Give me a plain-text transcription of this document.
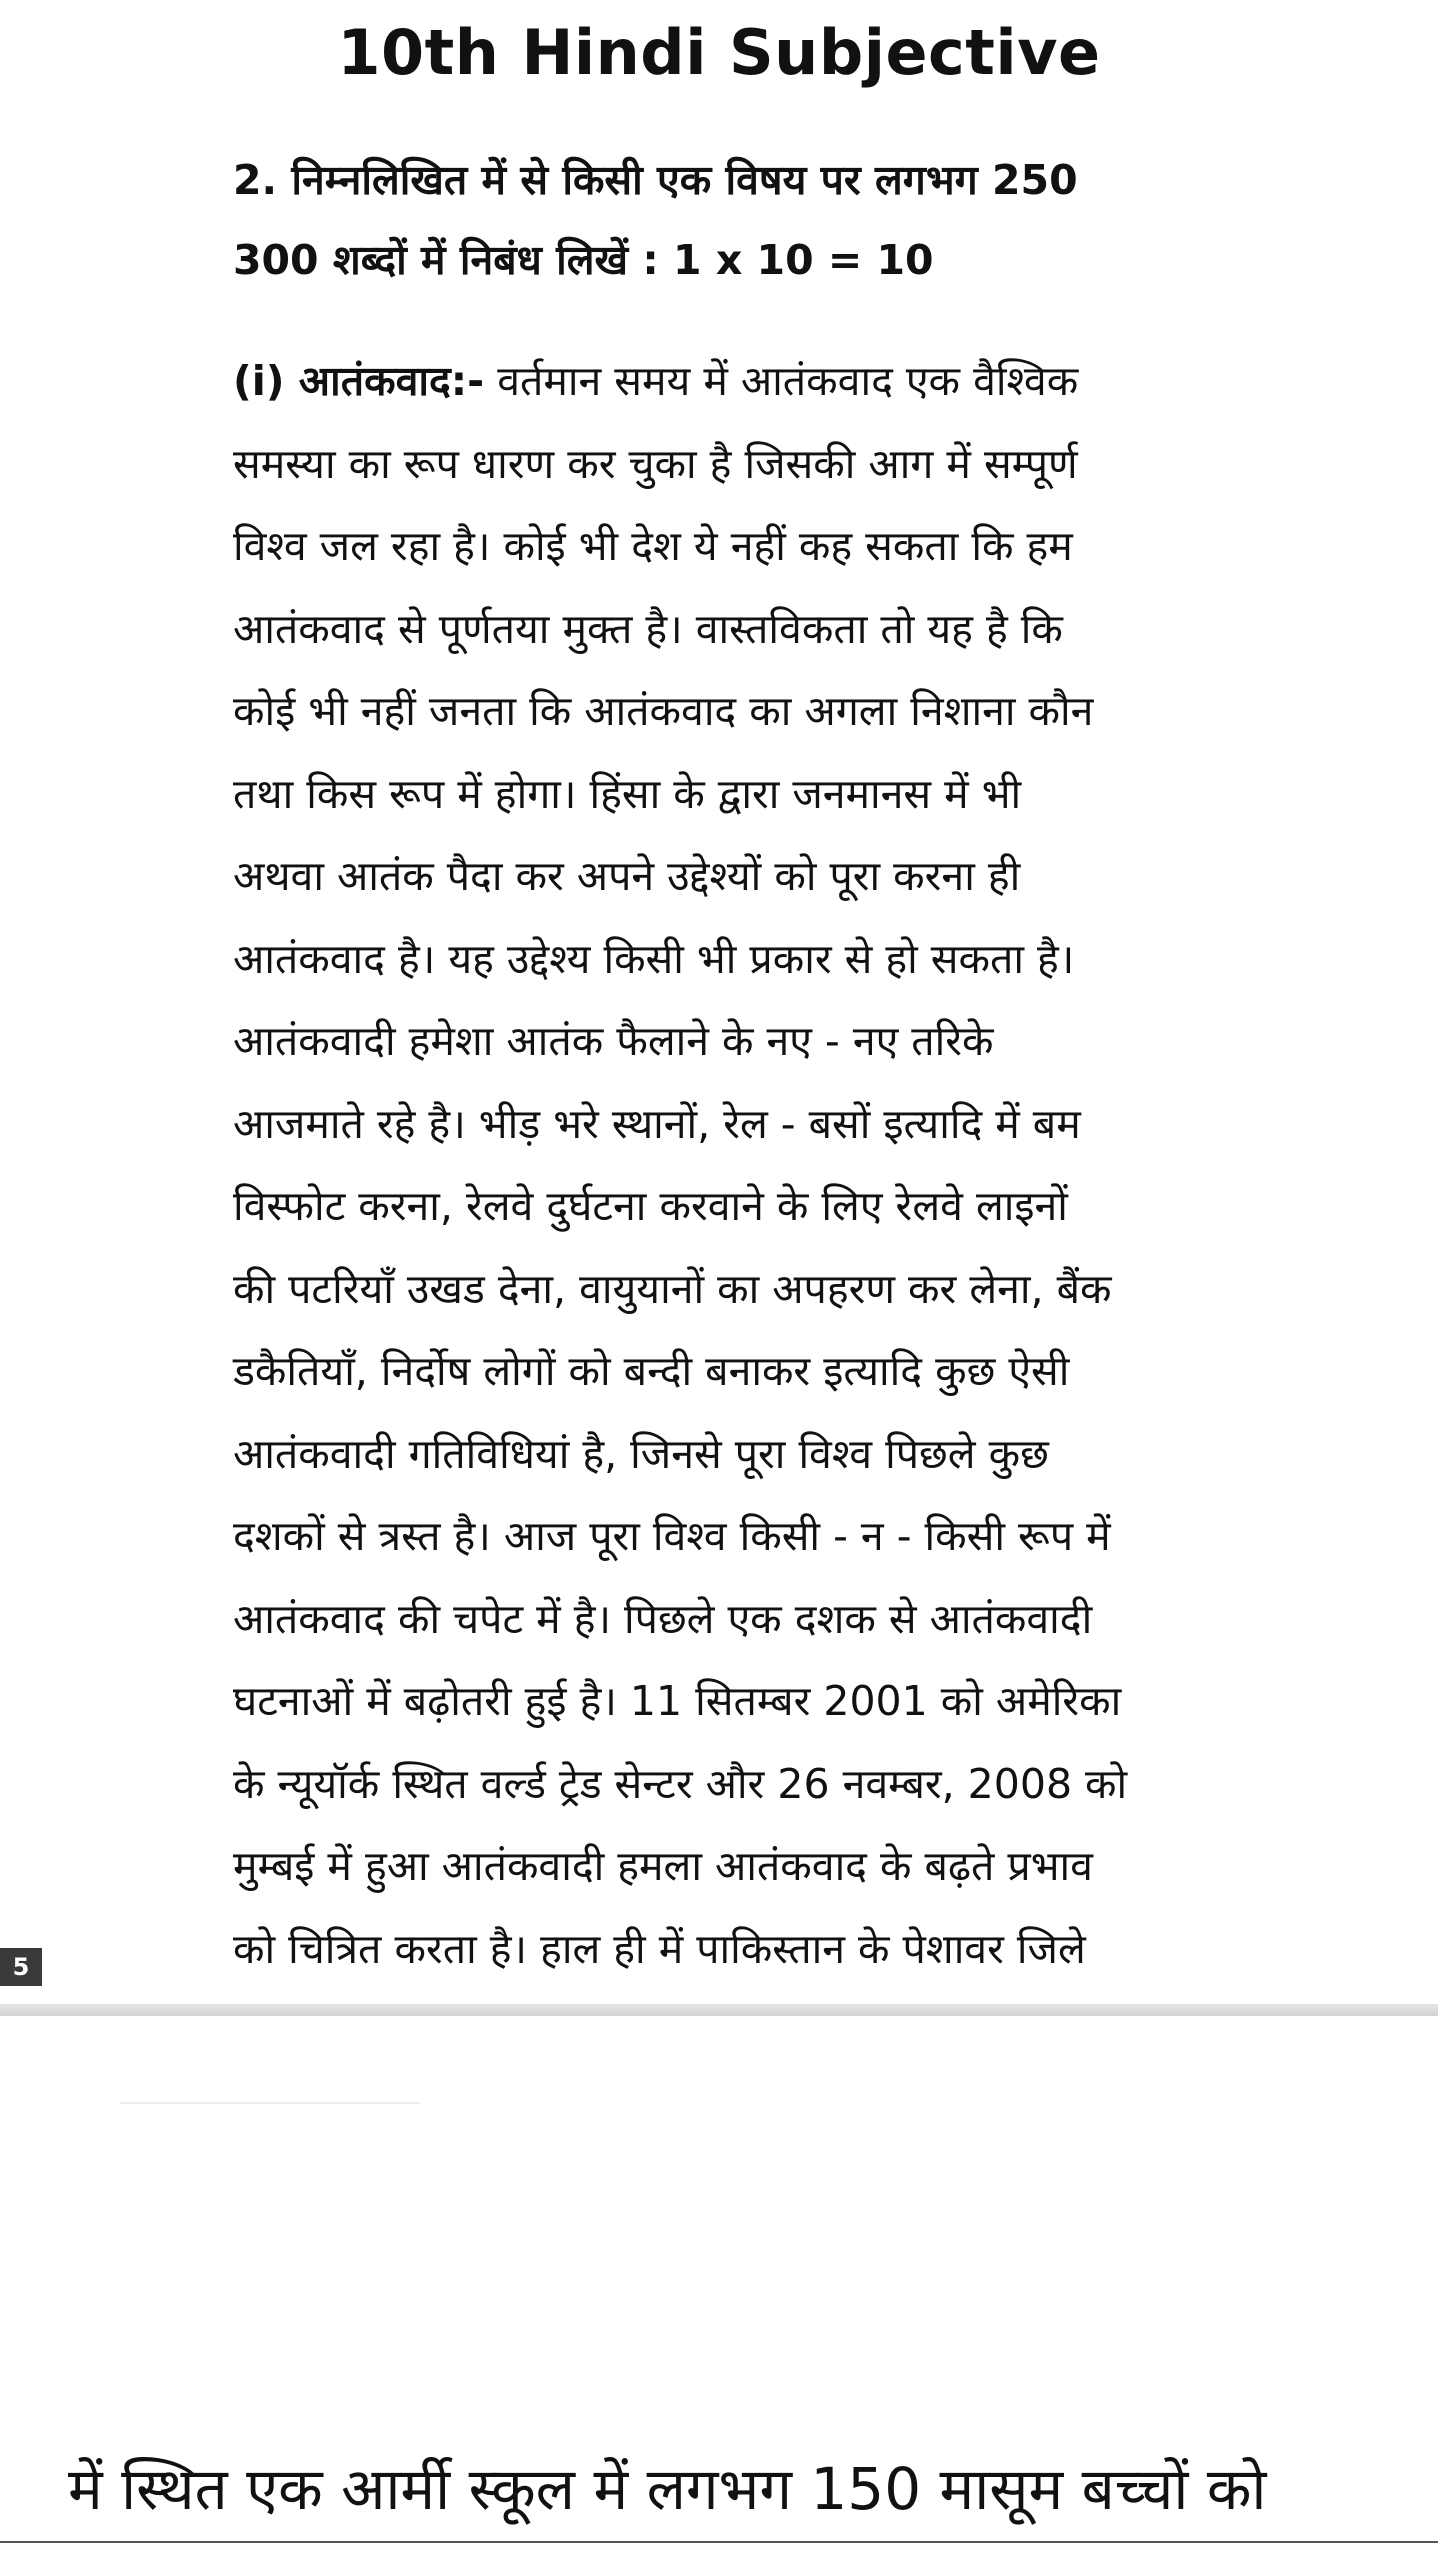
10th Hindi Subjective
2. निम्नलिखित में से किसी एक विषय पर लगभग 250
300 शब्दों में निबंध लिखें : 1 x 10 = 10
(i) आतंकवाद:- वर्तमान समय में आतंकवाद एक वैश्विक
समस्या का रूप धारण कर चुका है जिसकी आग में सम्पूर्ण
विश्व जल रहा है। कोई भी देश ये नहीं कह सकता कि हम
आतंकवाद से पूर्णतया मुक्त है। वास्तविकता तो यह है कि
कोई भी नहीं जनता कि आतंकवाद का अगला निशाना कौन
तथा किस रूप में होगा। हिंसा के द्वारा जनमानस में भी
अथवा आतंक पैदा कर अपने उद्देश्यों को पूरा करना ही
आतंकवाद है। यह उद्देश्य किसी भी प्रकार से हो सकता है।
आतंकवादी हमेशा आतंक फैलाने के नए - नए तरिके
आजमाते रहे है। भीड़ भरे स्थानों, रेल - बसों इत्यादि में बम
विस्फोट करना, रेलवे दुर्घटना करवाने के लिए रेलवे लाइनों
की पटरियाँ उखड देना, वायुयानों का अपहरण कर लेना, बैंक
डकैतियाँ, निर्दोष लोगों को बन्दी बनाकर इत्यादि कुछ ऐसी
आतंकवादी गतिविधियां है, जिनसे पूरा विश्व पिछले कुछ
दशकों से त्रस्त है। आज पूरा विश्व किसी - न - किसी रूप में
आतंकवाद की चपेट में है। पिछले एक दशक से आतंकवादी
घटनाओं में बढ़ोतरी हुई है। 11 सितम्बर 2001 को अमेरिका
के न्यूयॉर्क स्थित वर्ल्ड ट्रेड सेन्टर और 26 नवम्बर, 2008 को
मुम्बई में हुआ आतंकवादी हमला आतंकवाद के बढ़ते प्रभाव
को चित्रित करता है। हाल ही में पाकिस्तान के पेशावर जिले
5
में स्थित एक आर्मी स्कूल में लगभग 150 मासूम बच्चों को
